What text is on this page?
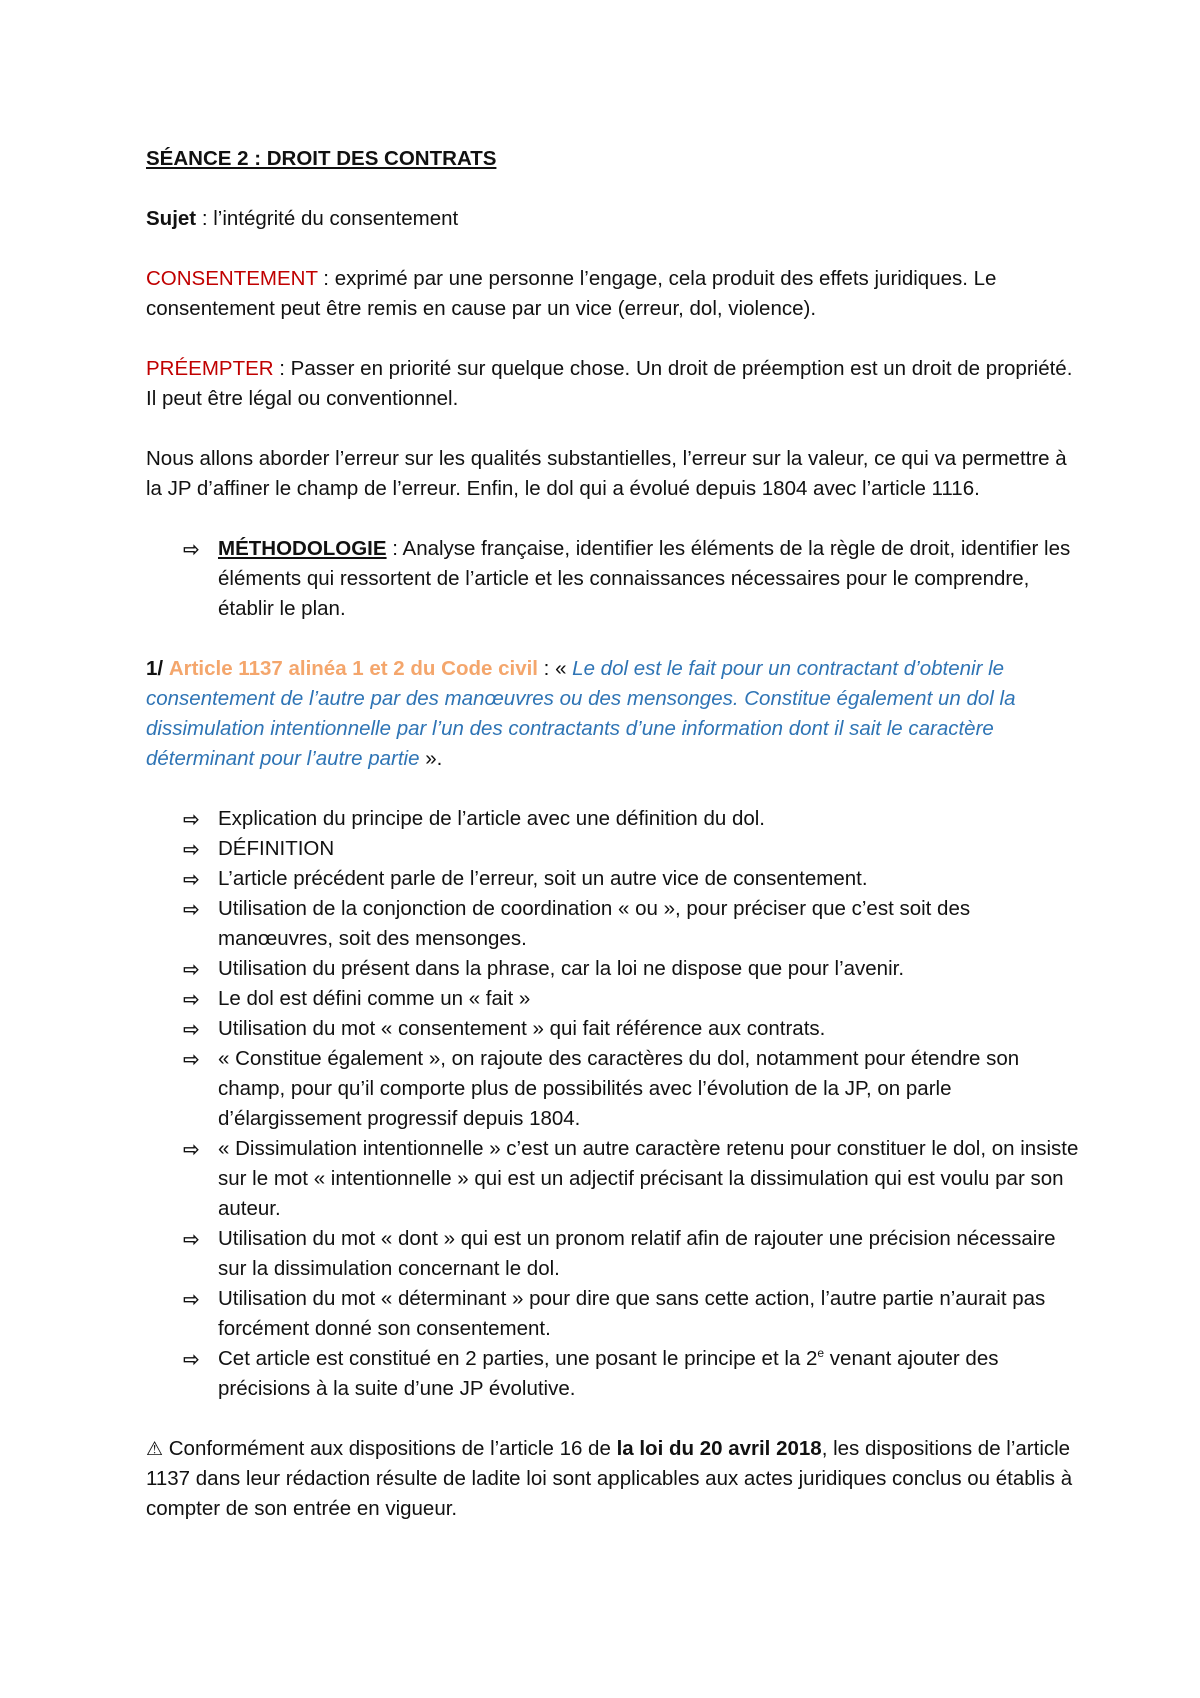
SÉANCE 2 : DROIT DES CONTRATS

Sujet : l’intégrité du consentement

CONSENTEMENT : exprimé par une personne l’engage, cela produit des effets juridiques. Le consentement peut être remis en cause par un vice (erreur, dol, violence).

PRÉEMPTER : Passer en priorité sur quelque chose. Un droit de préemption est un droit de propriété. Il peut être légal ou conventionnel.

Nous allons aborder l’erreur sur les qualités substantielles, l’erreur sur la valeur, ce qui va permettre à la JP d’affiner le champ de l’erreur. Enfin, le dol qui a évolué depuis 1804 avec l’article 1116.

⇨ MÉTHODOLOGIE : Analyse française, identifier les éléments de la règle de droit, identifier les éléments qui ressortent de l’article et les connaissances nécessaires pour le comprendre, établir le plan.

1/ Article 1137 alinéa 1 et 2 du Code civil : « Le dol est le fait pour un contractant d’obtenir le consentement de l’autre par des manœuvres ou des mensonges. Constitue également un dol la dissimulation intentionnelle par l’un des contractants d’une information dont il sait le caractère déterminant pour l’autre partie ».

⇨ Explication du principe de l’article avec une définition du dol.
⇨ DÉFINITION
⇨ L’article précédent parle de l’erreur, soit un autre vice de consentement.
⇨ Utilisation de la conjonction de coordination « ou », pour préciser que c’est soit des manœuvres, soit des mensonges.
⇨ Utilisation du présent dans la phrase, car la loi ne dispose que pour l’avenir.
⇨ Le dol est défini comme un « fait »
⇨ Utilisation du mot « consentement » qui fait référence aux contrats.
⇨ « Constitue également », on rajoute des caractères du dol, notamment pour étendre son champ, pour qu’il comporte plus de possibilités avec l’évolution de la JP, on parle d’élargissement progressif depuis 1804.
⇨ « Dissimulation intentionnelle » c’est un autre caractère retenu pour constituer le dol, on insiste sur le mot « intentionnelle » qui est un adjectif précisant la dissimulation qui est voulu par son auteur.
⇨ Utilisation du mot « dont » qui est un pronom relatif afin de rajouter une précision nécessaire sur la dissimulation concernant le dol.
⇨ Utilisation du mot « déterminant » pour dire que sans cette action, l’autre partie n’aurait pas forcément donné son consentement.
⇨ Cet article est constitué en 2 parties, une posant le principe et la 2e venant ajouter des précisions à la suite d’une JP évolutive.

⚠ Conformément aux dispositions de l’article 16 de la loi du 20 avril 2018, les dispositions de l’article 1137 dans leur rédaction résulte de ladite loi sont applicables aux actes juridiques conclus ou établis à compter de son entrée en vigueur.
